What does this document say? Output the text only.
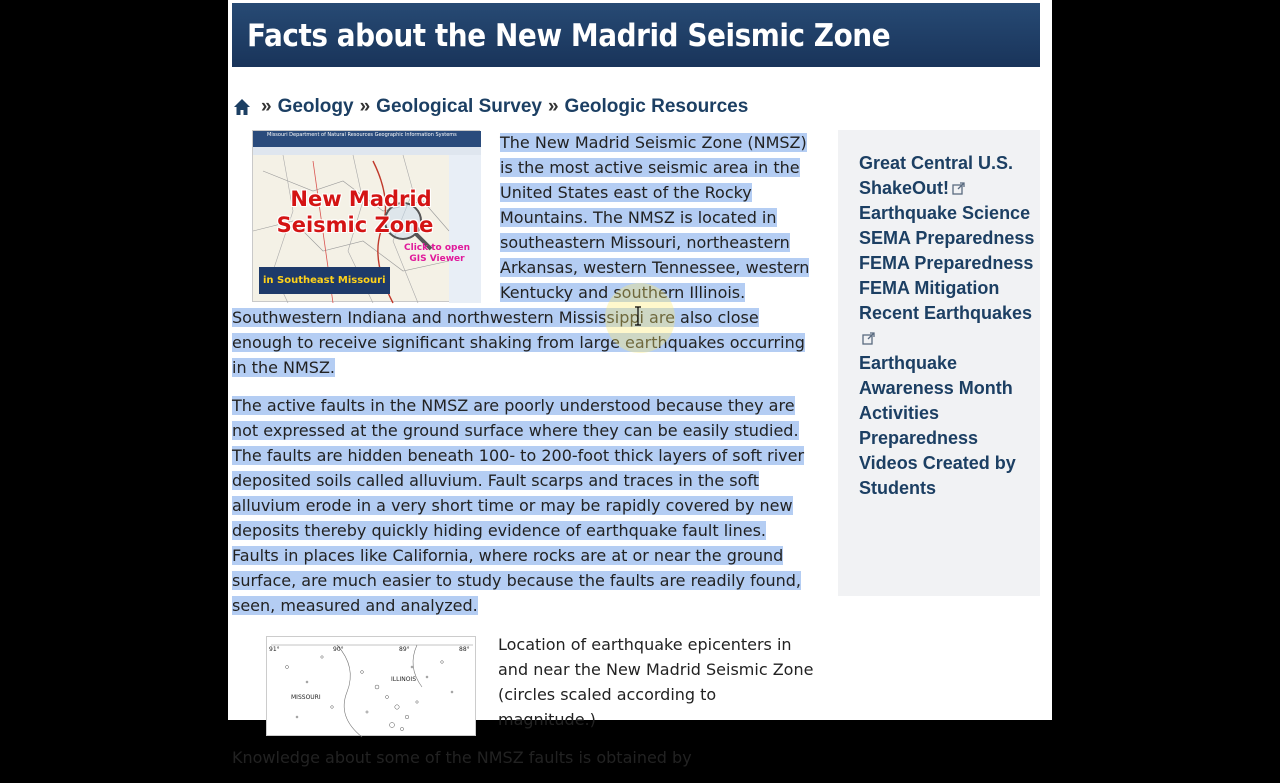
Facts about the New Madrid Seismic Zone
» Geology » Geological Survey » Geologic Resources
Missouri Department of Natural Resources Geographic Information Systems
New Madrid
Seismic Zone
Click to open GIS Viewer
in Southeast Missouri
The New Madrid Seismic Zone (NMSZ) is the most active seismic area in the United States east of the Rocky Mountains. The NMSZ is located in southeastern Missouri, northeastern Arkansas, western Tennessee, western Kentucky and southern Illinois. Southwestern Indiana and northwestern Mississippi are also close enough to receive significant shaking from large earthquakes occurring in the NMSZ.
The active faults in the NMSZ are poorly understood because they are not expressed at the ground surface where they can be easily studied. The faults are hidden beneath 100- to 200-foot thick layers of soft river deposited soils called alluvium. Fault scarps and traces in the soft alluvium erode in a very short time or may be rapidly covered by new deposits thereby quickly hiding evidence of earthquake fault lines. Faults in places like California, where rocks are at or near the ground surface, are much easier to study because the faults are readily found, seen, measured and analyzed.
91°	90°	89°	88°
ILLINOIS
MISSOURI

Location of earthquake epicenters in and near the New Madrid Seismic Zone (circles scaled according to magnitude.)

Knowledge about some of the NMSZ faults is obtained by

Great Central U.S. ShakeOut!
Earthquake Science
SEMA Preparedness
FEMA Preparedness
FEMA Mitigation
Recent Earthquakes
Earthquake Awareness Month Activities
Preparedness Videos Created by Students
